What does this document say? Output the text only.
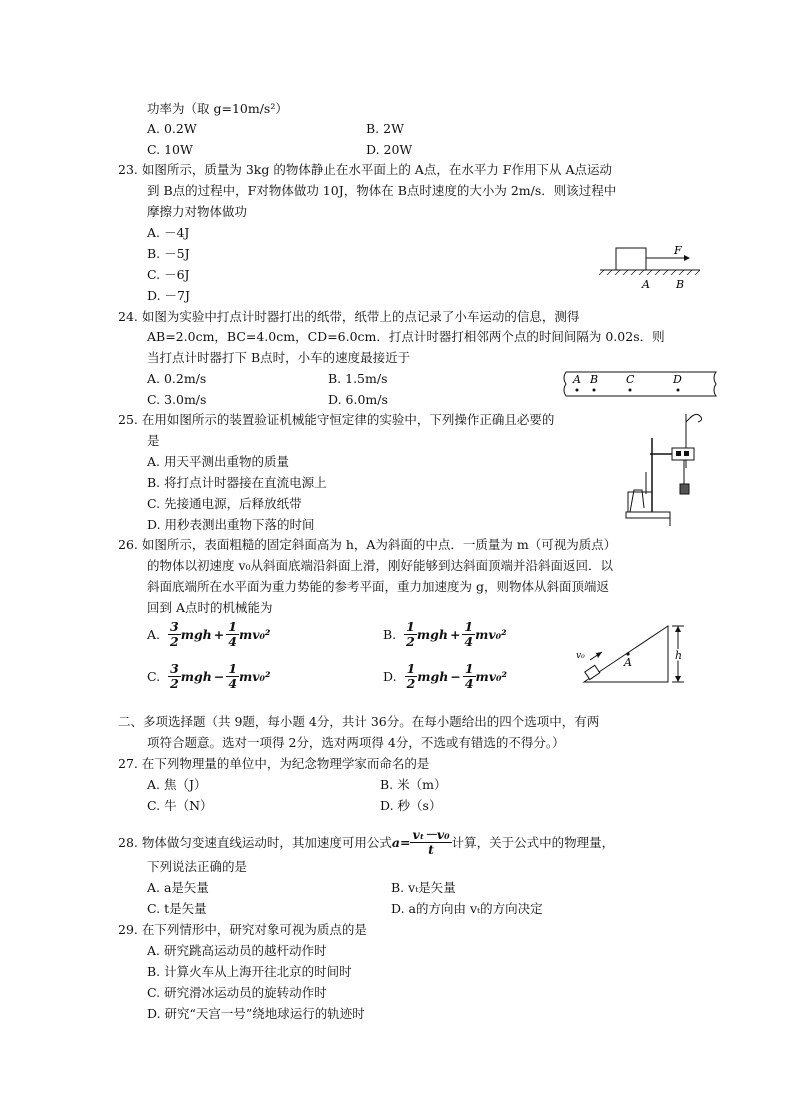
功率为（取 g=10m/s²）
A. 0.2W	B. 2W
C. 10W	D. 20W
23. 如图所示，质量为 3kg 的物体静止在水平面上的 A点，在水平力 F作用下从 A点运动
到 B点的过程中，F对物体做功 10J，物体在 B点时速度的大小为 2m/s．则该过程中
摩擦力对物体做功
A. －4J
B. －5J
C. －6J
D. －7J
F
A B
24. 如图为实验中打点计时器打出的纸带，纸带上的点记录了小车运动的信息，测得
AB=2.0cm，BC=4.0cm，CD=6.0cm．打点计时器打相邻两个点的时间间隔为 0.02s．则
当打点计时器打下 B点时，小车的速度最接近于
A. 0.2m/s	B. 1.5m/s
C. 3.0m/s	D. 6.0m/s
A B	C	D
25. 在用如图所示的装置验证机械能守恒定律的实验中，下列操作正确且必要的
是
A. 用天平测出重物的质量
B. 将打点计时器接在直流电源上
C. 先接通电源，后释放纸带
D. 用秒表测出重物下落的时间
26. 如图所示，表面粗糙的固定斜面高为 h，A为斜面的中点．一质量为 m（可视为质点）
的物体以初速度 v₀从斜面底端沿斜面上滑，刚好能够到达斜面顶端并沿斜面返回．以
斜面底端所在水平面为重力势能的参考平面，重力加速度为 g，则物体从斜面顶端返
回到 A点时的机械能为
A. $\frac{3}{2}$ mgh + $\frac{1}{4} mv_0^2$	B. $\frac{1}{2}$ mgh + $\frac{1}{4} mv_0^2$
C. $\frac{3}{2}$ mgh − $\frac{1}{4} mv_0^2$	D. $\frac{1}{2}$ mgh − $\frac{1}{4} mv_0^2$
v₀	A
h
二、多项选择题（共 9题，每小题 4分，共计 36分。在每小题给出的四个选项中，有两
项符合题意。选对一项得 2分，选对两项得 4分，不选或有错选的不得分。）
27. 在下列物理量的单位中，为纪念物理学家而命名的是
A. 焦（J）	B. 米（m）
C. 牛（N）	D. 秒（s）
28. 物体做匀变速直线运动时，其加速度可用公式 $a= \frac{\text{vₜ－v₀}}{t}$ 计算，关于公式中的物理量，
下列说法正确的是
A. a是矢量	B. vₜ是矢量
C. t是矢量	D. a的方向由 vₜ的方向决定
29. 在下列情形中，研究对象可视为质点的是
A. 研究跳高运动员的越杆动作时
B. 计算火车从上海开往北京的时间时
C. 研究滑冰运动员的旋转动作时
D. 研究“天宫一号”绕地球运行的轨迹时
